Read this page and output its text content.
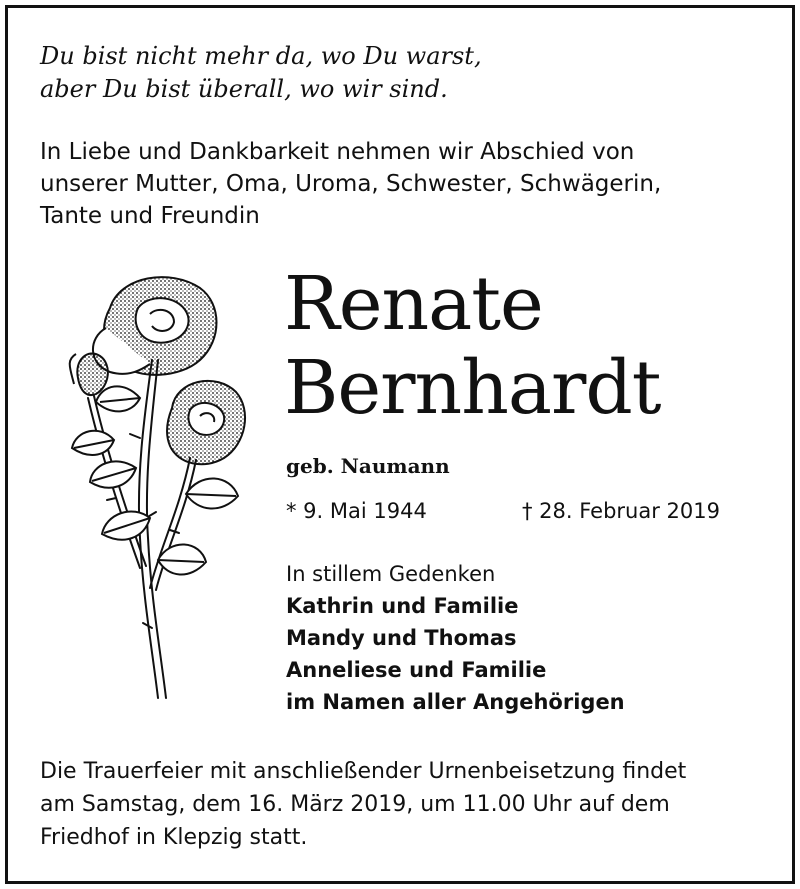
Du bist nicht mehr da, wo Du warst,
aber Du bist überall, wo wir sind.
In Liebe und Dankbarkeit nehmen wir Abschied von
unserer Mutter, Oma, Uroma, Schwester, Schwägerin,
Tante und Freundin
Renate
Bernhardt
geb. Naumann
* 9. Mai 1944	† 28. Februar 2019
In stillem Gedenken
Kathrin und Familie
Mandy und Thomas
Anneliese und Familie
im Namen aller Angehörigen
Die Trauerfeier mit anschließender Urnenbeisetzung findet
am Samstag, dem 16. März 2019, um 11.00 Uhr auf dem
Friedhof in Klepzig statt.
